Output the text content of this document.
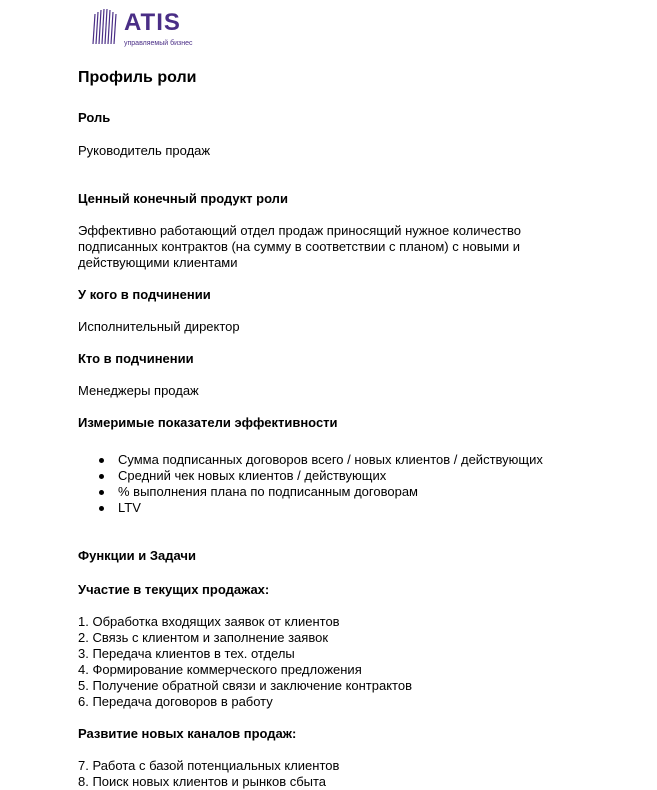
ATIS
управляемый бизнес
Профиль роли
Роль
Руководитель продаж
Ценный конечный продукт роли
Эффективно работающий отдел продаж приносящий нужное количество подписанных контрактов (на сумму в соответствии с планом) с новыми и действующими клиентами
У кого в подчинении
Исполнительный директор
Кто в подчинении
Менеджеры продаж
Измеримые показатели эффективности
Сумма подписанных договоров всего / новых клиентов / действующих
Средний чек новых клиентов / действующих
% выполнения плана по подписанным договорам
LTV
Функции и Задачи
Участие в текущих продажах:
1. Обработка входящих заявок от клиентов
2. Связь с клиентом и заполнение заявок
3. Передача клиентов в тех. отделы
4. Формирование коммерческого предложения
5. Получение обратной связи и заключение контрактов
6. Передача договоров в работу
Развитие новых каналов продаж:
7. Работа с базой потенциальных клиентов
8. Поиск новых клиентов и рынков сбыта
